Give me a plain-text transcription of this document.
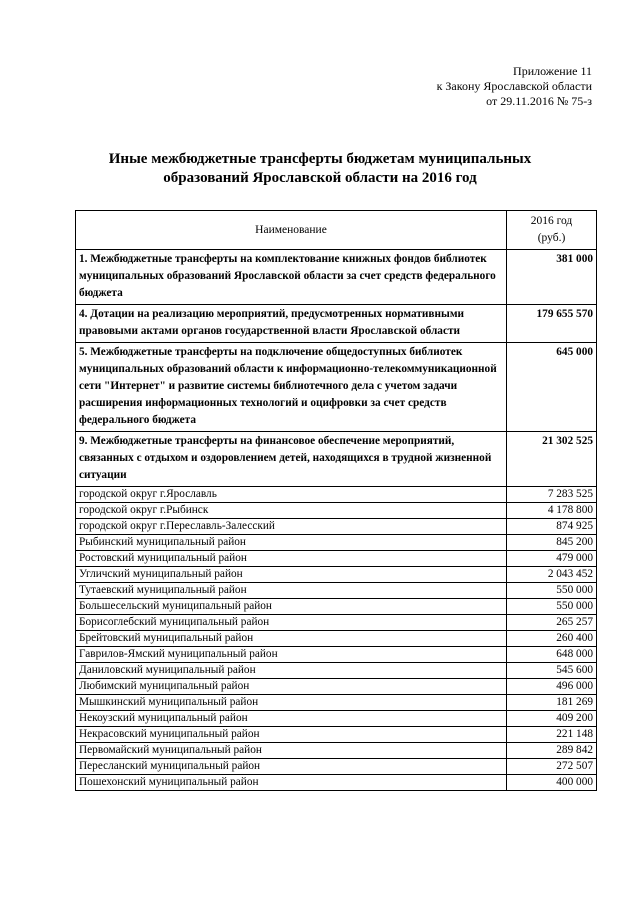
Приложение 11
к Закону Ярославской области
от 29.11.2016 № 75-з
Иные межбюджетные трансферты бюджетам муниципальных
образований Ярославской области на 2016 год
Наименование	2016 год
(руб.)

1. Межбюджетные трансферты на комплектование книжных фондов библиотек муниципальных образований Ярославской области за счет средств федерального бюджета	381 000
4. Дотации на реализацию мероприятий, предусмотренных нормативными правовыми актами органов государственной власти Ярославской области	179 655 570
5. Межбюджетные трансферты на подключение общедоступных библиотек муниципальных образований области к информационно-телекоммуникационной сети "Интернет" и развитие системы библиотечного дела с учетом задачи расширения информационных технологий и оцифровки за счет средств федерального бюджета	645 000
9. Межбюджетные трансферты на финансовое обеспечение мероприятий, связанных с отдыхом и оздоровлением детей, находящихся в трудной жизненной ситуации	21 302 525
городской округ г.Ярославль	7 283 525
городской округ г.Рыбинск	4 178 800
городской округ г.Переславль-Залесский	874 925
Рыбинский муниципальный район	845 200
Ростовский муниципальный район	479 000
Угличский муниципальный район	2 043 452
Тутаевский муниципальный район	550 000
Большесельский муниципальный район	550 000
Борисоглебский муниципальный район	265 257
Брейтовский муниципальный район	260 400
Гаврилов-Ямский муниципальный район	648 000
Даниловский муниципальный район	545 600
Любимский муниципальный район	496 000
Мышкинский муниципальный район	181 269
Некоузский муниципальный район	409 200
Некрасовский муниципальный район	221 148
Первомайский муниципальный район	289 842
Пересланский муниципальный район	272 507
Пошехонский муниципальный район	400 000
